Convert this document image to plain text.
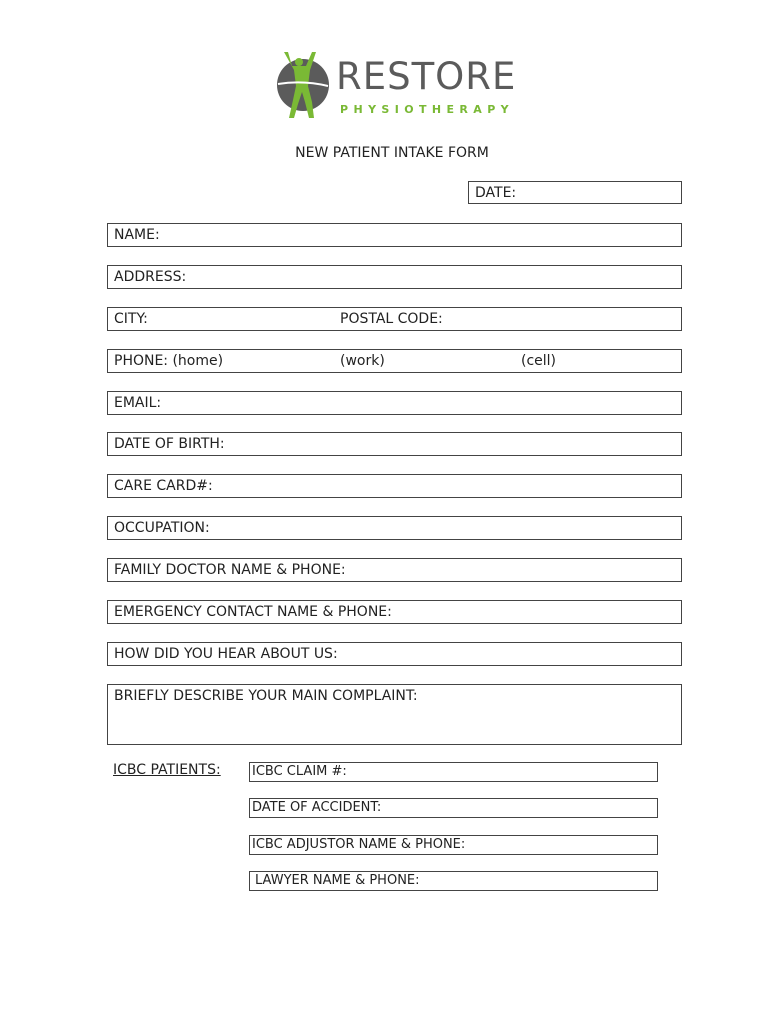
RESTORE
PHYSIOTHERAPY
NEW PATIENT INTAKE FORM
DATE:
NAME:
ADDRESS:
CITY:	POSTAL CODE:
PHONE: (home)	(work)	(cell)
EMAIL:
DATE OF BIRTH:
CARE CARD#:
OCCUPATION:
FAMILY DOCTOR NAME & PHONE:
EMERGENCY CONTACT NAME & PHONE:
HOW DID YOU HEAR ABOUT US:
BRIEFLY DESCRIBE YOUR MAIN COMPLAINT:
ICBC PATIENTS: ICBC CLAIM #:
DATE OF ACCIDENT:
ICBC ADJUSTOR NAME & PHONE:
LAWYER NAME & PHONE:
